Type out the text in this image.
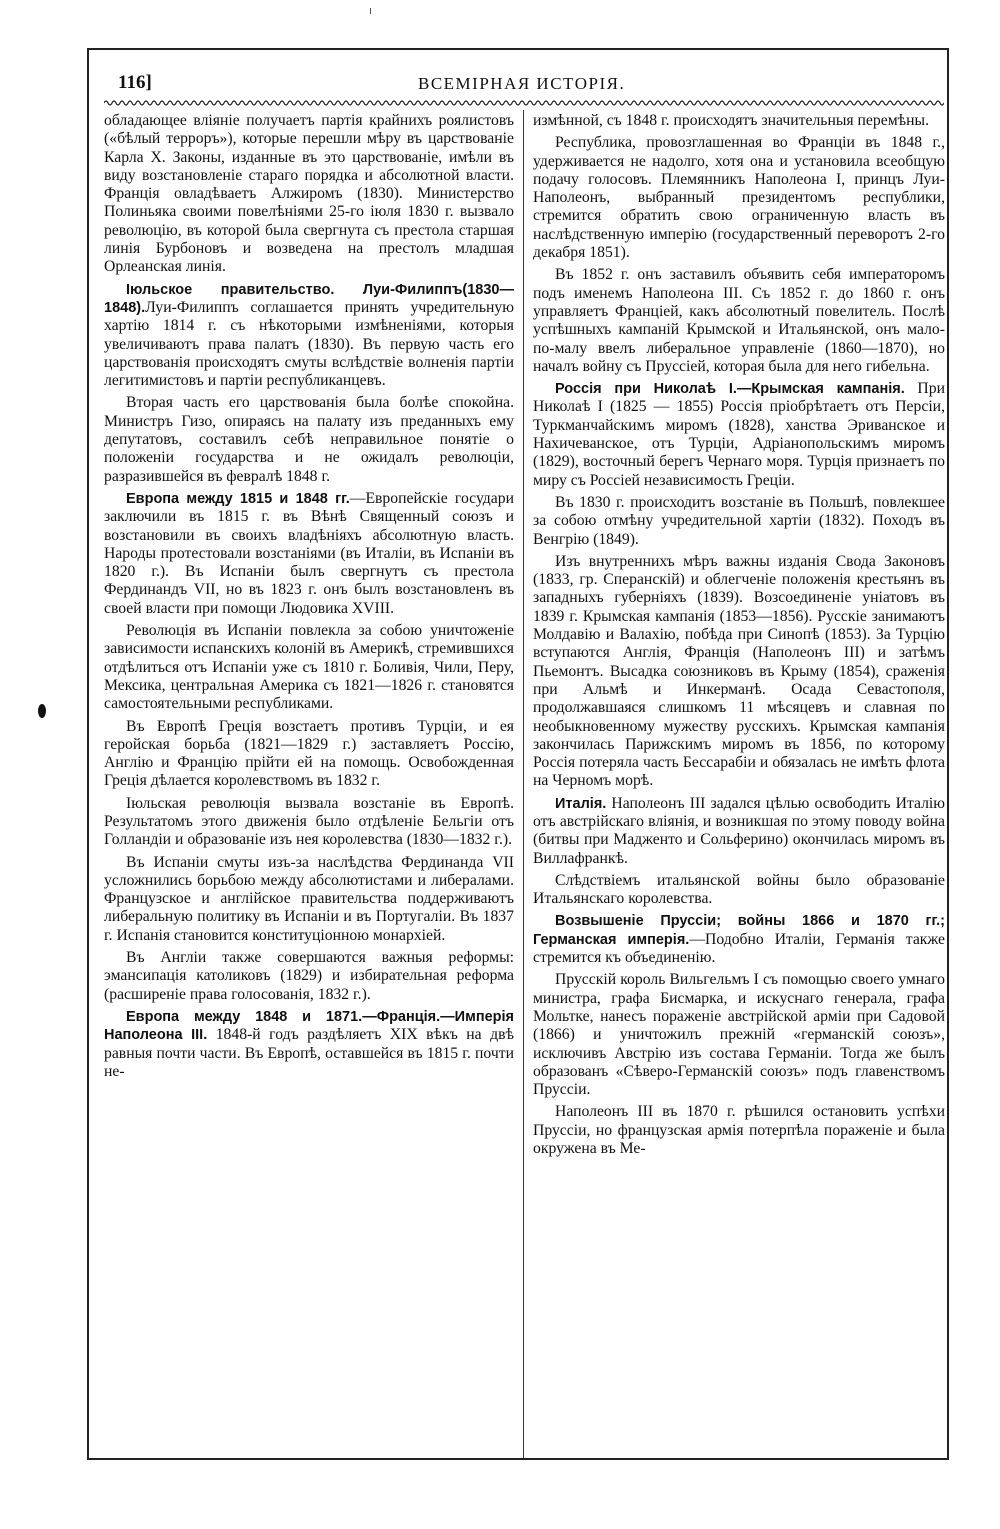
116]	ВСЕМІРНАЯ ИСТОРІЯ.

обладающее вліяніе получаетъ партія крайнихъ роялистовъ («бѣлый терроръ»), которые перешли мѣру въ царствованіе Карла X. Законы, изданные въ это царствованіе, имѣли въ виду возстановленіе стараго порядка и абсолютной власти. Франція овладѣваетъ Алжиромъ (1830). Министерство Полиньяка своими повелѣніями 25-го іюля 1830 г. вызвало революцію, въ которой была свергнута съ престола старшая линія Бурбоновъ и возведена на престолъ младшая Орлеанская линія.

Іюльское правительство. Луи-Филиппъ(1830—1848).Луи-Филиппъ соглашается принять учредительную хартію 1814 г. съ нѣкоторыми измѣненіями, которыя увеличиваютъ права палатъ (1830). Въ первую часть его царствованія происходятъ смуты вслѣдствіе волненія партіи легитимистовъ и партіи республиканцевъ.

Вторая часть его царствованія была болѣе спокойна. Министръ Гизо, опираясь на палату изъ преданныхъ ему депутатовъ, составилъ себѣ неправильное понятіе о положеніи государства и не ожидалъ революціи, разразившейся въ февралѣ 1848 г.

Европа между 1815 и 1848 гг.—Европейскіе государи заключили въ 1815 г. въ Вѣнѣ Священный союзъ и возстановили въ своихъ владѣніяхъ абсолютную власть. Народы протестовали возстаніями (въ Италіи, въ Испаніи въ 1820 г.). Въ Испаніи былъ свергнутъ съ престола Фердинандъ VII, но въ 1823 г. онъ былъ возстановленъ въ своей власти при помощи Людовика XVIII.

Революція въ Испаніи повлекла за собою уничтоженіе зависимости испанскихъ колоній въ Америкѣ, стремившихся отдѣлиться отъ Испаніи уже съ 1810 г. Боливія, Чили, Перу, Мексика, центральная Америка съ 1821—1826 г. становятся самостоятельными республиками.

Въ Европѣ Греція возстаетъ противъ Турціи, и ея геройская борьба (1821—1829 г.) заставляетъ Россію, Англію и Францію прійти ей на помощь. Освобожденная Греція дѣлается королевствомъ въ 1832 г.

Іюльская революція вызвала возстаніе въ Европѣ. Результатомъ этого движенія было отдѣленіе Бельгіи отъ Голландіи и образованіе изъ нея королевства (1830—1832 г.).

Въ Испаніи смуты изъ-за наслѣдства Фердинанда VII усложнились борьбою между абсолютистами и либералами. Французское и англійское правительства поддерживаютъ либеральную политику въ Испаніи и въ Португаліи. Въ 1837 г. Испанія становится конституціонною монархіей.

Въ Англіи также совершаются важныя реформы: эмансипація католиковъ (1829) и избирательная реформа (расширеніе права голосованія, 1832 г.).

Европа между 1848 и 1871.—Франція.—Имперія Наполеона III. 1848-й годъ раздѣляетъ XIX вѣкъ на двѣ равныя почти части. Въ Европѣ, оставшейся въ 1815 г. почти не-

измѣнной, съ 1848 г. происходятъ значительныя перемѣны.

Республика, провозглашенная во Франціи въ 1848 г., удерживается не надолго, хотя она и установила всеобщую подачу голосовъ. Племянникъ Наполеона I, принцъ Луи-Наполеонъ, выбранный президентомъ республики, стремится обратить свою ограниченную власть въ наслѣдственную имперію (государственный переворотъ 2-го декабря 1851).

Въ 1852 г. онъ заставилъ объявить себя императоромъ подъ именемъ Наполеона III. Съ 1852 г. до 1860 г. онъ управляетъ Франціей, какъ абсолютный повелитель. Послѣ успѣшныхъ кампаній Крымской и Итальянской, онъ мало-по-малу ввелъ либеральное управленіе (1860—1870), но началъ войну съ Пруссіей, которая была для него гибельна.

Россія при Николаѣ I.—Крымская кампанія. При Николаѣ I (1825 — 1855) Россія пріобрѣтаетъ отъ Персіи, Туркманчайскимъ миромъ (1828), ханства Эриванское и Нахичеванское, отъ Турціи, Адріанопольскимъ миромъ (1829), восточный берегъ Чернаго моря. Турція признаетъ по миру съ Россіей независимость Греціи.

Въ 1830 г. происходитъ возстаніе въ Польшѣ, повлекшее за собою отмѣну учредительной хартіи (1832). Походъ въ Венгрію (1849).

Изъ внутреннихъ мѣръ важны изданія Свода Законовъ (1833, гр. Сперанскій) и облегченіе положенія крестьянъ въ западныхъ губерніяхъ (1839). Возсоединеніе уніатовъ въ 1839 г. Крымская кампанія (1853—1856). Русскіе занимаютъ Молдавію и Валахію, побѣда при Синопѣ (1853). За Турцію вступаются Англія, Франція (Наполеонъ III) и затѣмъ Пьемонтъ. Высадка союзниковъ въ Крыму (1854), сраженія при Альмѣ и Инкерманѣ. Осада Севастополя, продолжавшаяся слишкомъ 11 мѣсяцевъ и славная по необыкновенному мужеству русскихъ. Крымская кампанія закончилась Парижскимъ миромъ въ 1856, по которому Россія потеряла часть Бессарабіи и обязалась не имѣть флота на Черномъ морѣ.

Италія. Наполеонъ III задался цѣлью освободить Италію отъ австрійскаго вліянія, и возникшая по этому поводу война (битвы при Мадженто и Сольферино) окончилась миромъ въ Виллафранкѣ.

Слѣдствіемъ итальянской войны было образованіе Итальянскаго королевства.

Возвышеніе Пруссіи; войны 1866 и 1870 гг.; Германская имперія.—Подобно Италіи, Германія также стремится къ объединенію.

Прусскій король Вильгельмъ I съ помощью своего умнаго министра, графа Бисмарка, и искуснаго генерала, графа Мольтке, нанесъ пораженіе австрійской арміи при Садовой (1866) и уничтожилъ прежній «германскій союзъ», исключивъ Австрію изъ состава Германіи. Тогда же былъ образованъ «Сѣверо-Германскій союзъ» подъ главенствомъ Пруссіи.

Наполеонъ III въ 1870 г. рѣшился остановить успѣхи Пруссіи, но французская армія потерпѣла пораженіе и была окружена въ Ме-
